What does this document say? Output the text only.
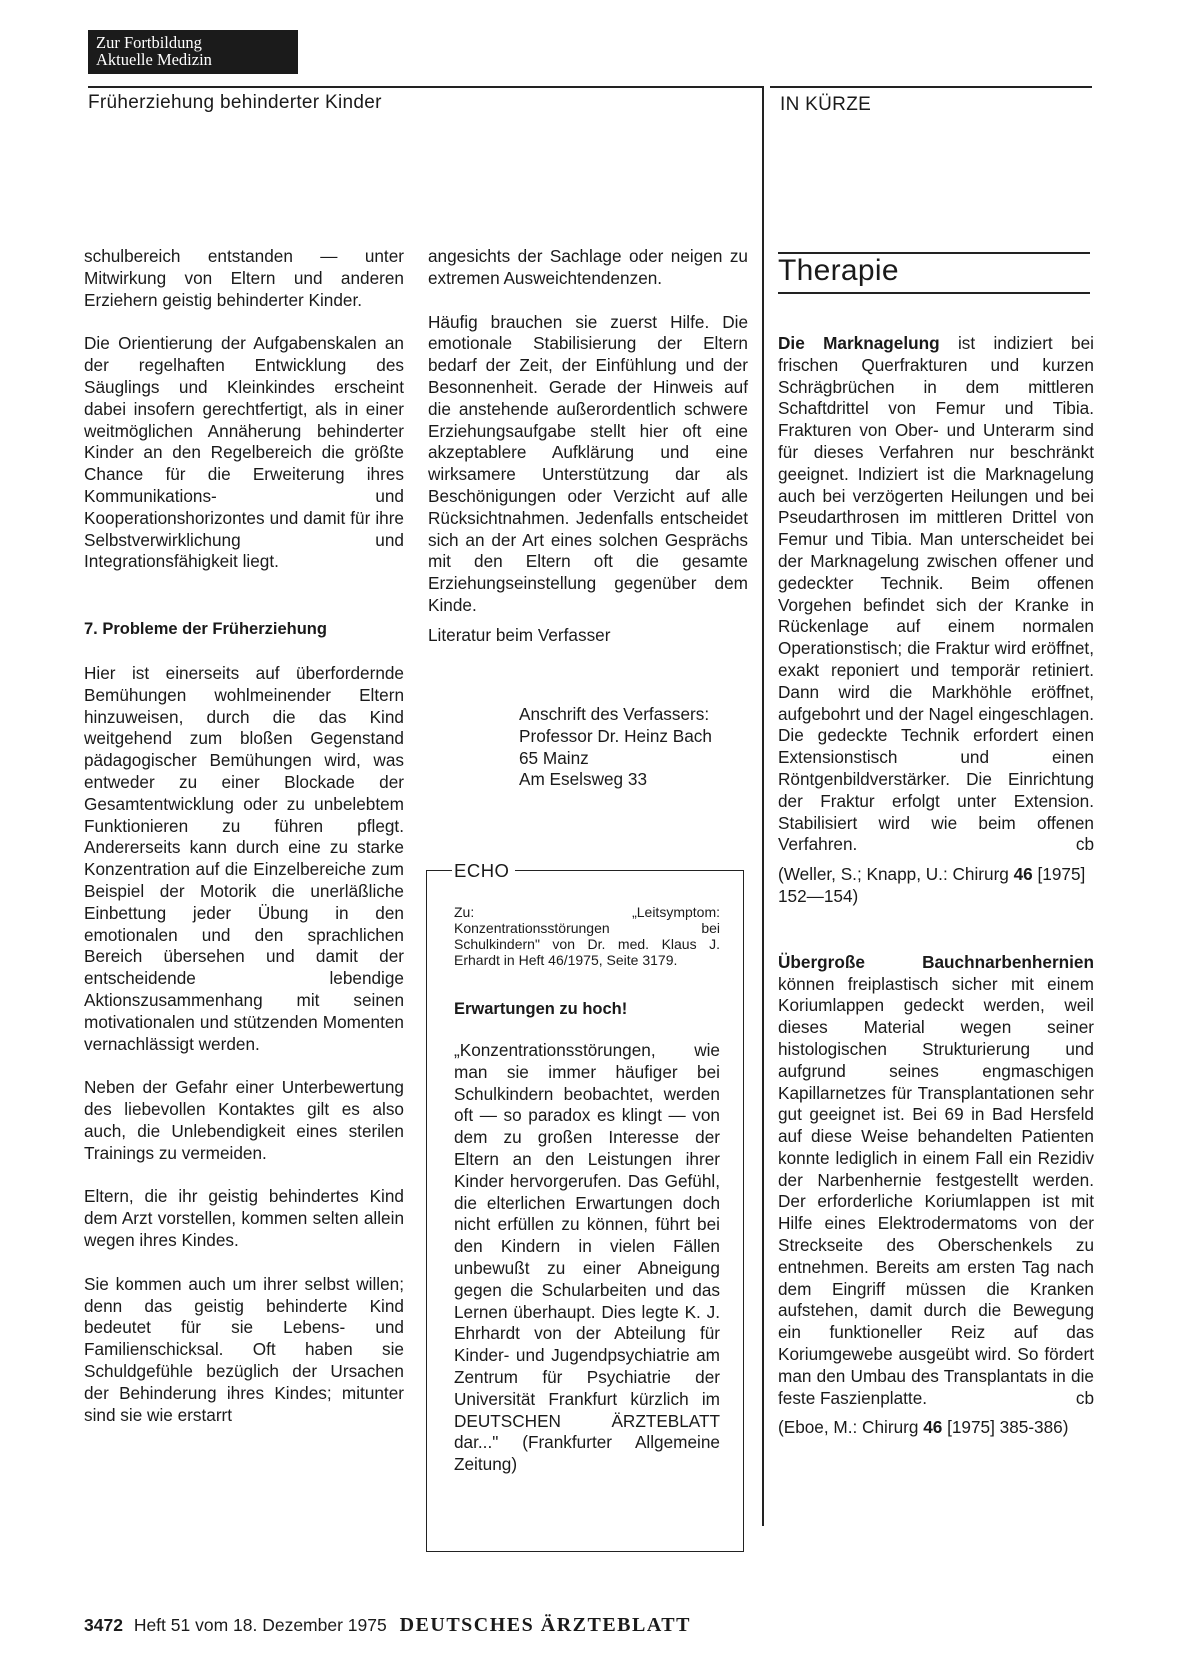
Zur Fortbildung
Aktuelle Medizin
Früherziehung behinderter Kinder	IN KÜRZE

schulbereich entstanden — unter Mitwirkung von Eltern und anderen Erziehern geistig behinderter Kinder.

Die Orientierung der Aufgabenskalen an der regelhaften Entwicklung des Säuglings und Kleinkindes erscheint dabei insofern gerechtfertigt, als in einer weitmöglichen Annäherung behinderter Kinder an den Regelbereich die größte Chance für die Erweiterung ihres Kommunikations- und Kooperationshorizontes und damit für ihre Selbstverwirklichung und Integrationsfähigkeit liegt.

7. Probleme der Früherziehung

Hier ist einerseits auf überfordernde Bemühungen wohlmeinender Eltern hinzuweisen, durch die das Kind weitgehend zum bloßen Gegenstand pädagogischer Bemühungen wird, was entweder zu einer Blockade der Gesamtentwicklung oder zu unbelebtem Funktionieren zu führen pflegt. Andererseits kann durch eine zu starke Konzentration auf die Einzelbereiche zum Beispiel der Motorik die unerläßliche Einbettung jeder Übung in den emotionalen und den sprachlichen Bereich übersehen und damit der entscheidende lebendige Aktionszusammenhang mit seinen motivationalen und stützenden Momenten vernachlässigt werden.

Neben der Gefahr einer Unterbewertung des liebevollen Kontaktes gilt es also auch, die Unlebendigkeit eines sterilen Trainings zu vermeiden.

Eltern, die ihr geistig behindertes Kind dem Arzt vorstellen, kommen selten allein wegen ihres Kindes.

Sie kommen auch um ihrer selbst willen; denn das geistig behinderte Kind bedeutet für sie Lebens- und Familienschicksal. Oft haben sie Schuldgefühle bezüglich der Ursachen der Behinderung ihres Kindes; mitunter sind sie wie erstarrt

angesichts der Sachlage oder neigen zu extremen Ausweichtendenzen.

Häufig brauchen sie zuerst Hilfe. Die emotionale Stabilisierung der Eltern bedarf der Zeit, der Einfühlung und der Besonnenheit. Gerade der Hinweis auf die anstehende außerordentlich schwere Erziehungsaufgabe stellt hier oft eine akzeptablere Aufklärung und eine wirksamere Unterstützung dar als Beschönigungen oder Verzicht auf alle Rücksichtnahmen. Jedenfalls entscheidet sich an der Art eines solchen Gesprächs mit den Eltern oft die gesamte Erziehungseinstellung gegenüber dem Kinde.

Literatur beim Verfasser

Anschrift des Verfassers:
Professor Dr. Heinz Bach
65 Mainz
Am Eselsweg 33
ECHO
Zu: „Leitsymptom: Konzentrationsstörungen bei Schulkindern" von Dr. med. Klaus J. Erhardt in Heft 46/1975, Seite 3179.
Erwartungen zu hoch!

„Konzentrationsstörungen, wie man sie immer häufiger bei Schulkindern beobachtet, werden oft — so paradox es klingt — von dem zu großen Interesse der Eltern an den Leistungen ihrer Kinder hervorgerufen. Das Gefühl, die elterlichen Erwartungen doch nicht erfüllen zu können, führt bei den Kindern in vielen Fällen unbewußt zu einer Abneigung gegen die Schularbeiten und das Lernen überhaupt. Dies legte K. J. Ehrhardt von der Abteilung für Kinder- und Jugendpsychiatrie am Zentrum für Psychiatrie der Universität Frankfurt kürzlich im DEUTSCHEN ÄRZTEBLATT dar..." (Frankfurter Allgemeine Zeitung)

Therapie

Die Marknagelung ist indiziert bei frischen Querfrakturen und kurzen Schrägbrüchen in dem mittleren Schaftdrittel von Femur und Tibia. Frakturen von Ober- und Unterarm sind für dieses Verfahren nur beschränkt geeignet. Indiziert ist die Marknagelung auch bei verzögerten Heilungen und bei Pseudarthrosen im mittleren Drittel von Femur und Tibia. Man unterscheidet bei der Marknagelung zwischen offener und gedeckter Technik. Beim offenen Vorgehen befindet sich der Kranke in Rückenlage auf einem normalen Operationstisch; die Fraktur wird eröffnet, exakt reponiert und temporär retiniert. Dann wird die Markhöhle eröffnet, aufgebohrt und der Nagel eingeschlagen. Die gedeckte Technik erfordert einen Extensionstisch und einen Röntgenbildverstärker. Die Einrichtung der Fraktur erfolgt unter Extension. Stabilisiert wird wie beim offenen Verfahren.	cb

(Weller, S.; Knapp, U.: Chirurg 46 [1975] 152—154)

Übergroße Bauchnarbenhernien können freiplastisch sicher mit einem Koriumlappen gedeckt werden, weil dieses Material wegen seiner histologischen Strukturierung und aufgrund seines engmaschigen Kapillarnetzes für Transplantationen sehr gut geeignet ist. Bei 69 in Bad Hersfeld auf diese Weise behandelten Patienten konnte lediglich in einem Fall ein Rezidiv der Narbenhernie festgestellt werden. Der erforderliche Koriumlappen ist mit Hilfe eines Elektrodermatoms von der Streckseite des Oberschenkels zu entnehmen. Bereits am ersten Tag nach dem Eingriff müssen die Kranken aufstehen, damit durch die Bewegung ein funktioneller Reiz auf das Koriumgewebe ausgeübt wird. So fördert man den Umbau des Transplantats in die feste Faszienplatte.	cb

(Eboe, M.: Chirurg 46 [1975] 385-386)

3472 Heft 51 vom 18. Dezember 1975 DEUTSCHES ÄRZTEBLATT
